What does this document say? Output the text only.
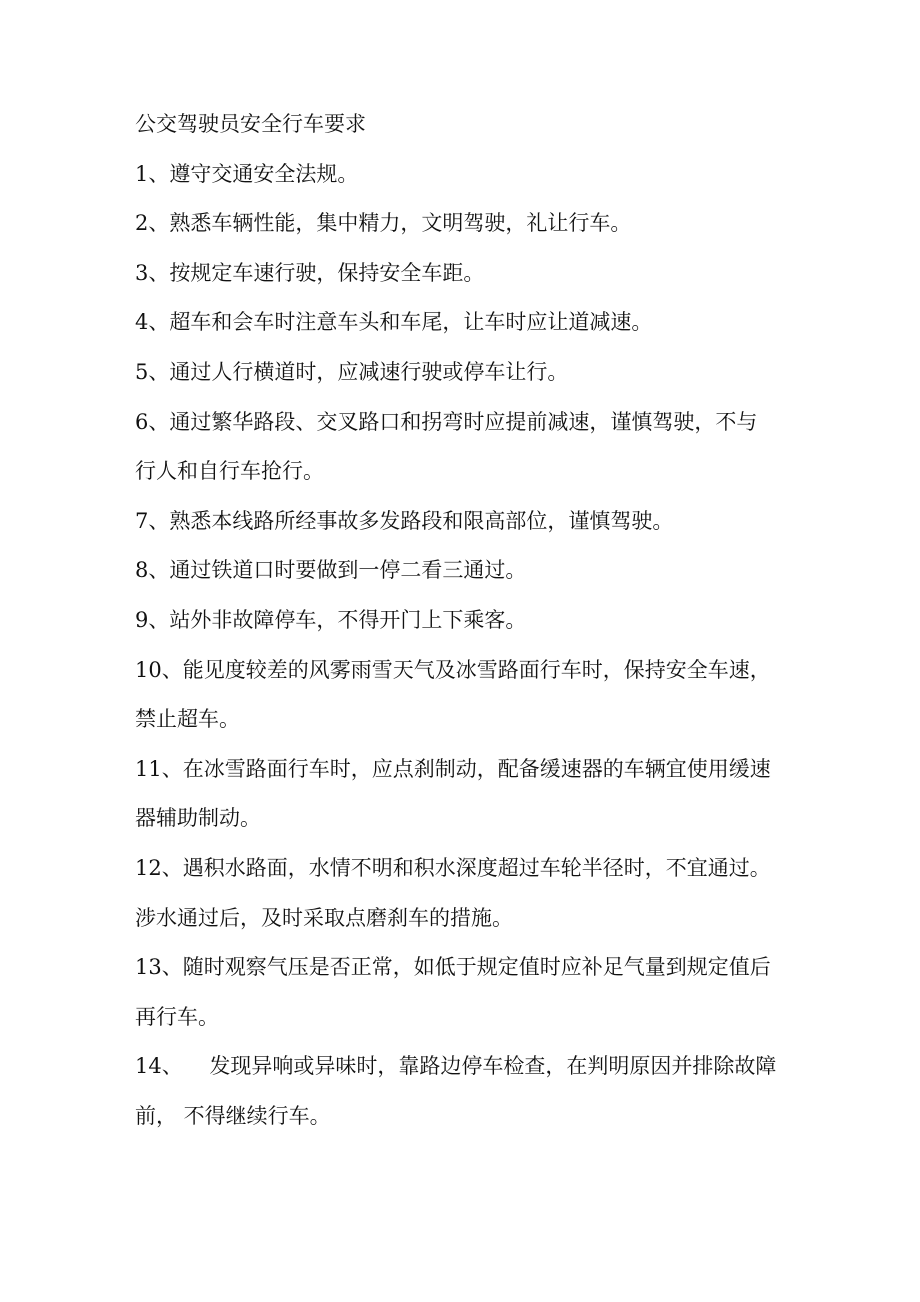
公交驾驶员安全行车要求
1、遵守交通安全法规。
2、熟悉车辆性能，集中精力，文明驾驶，礼让行车。
3、按规定车速行驶，保持安全车距。
4、超车和会车时注意车头和车尾，让车时应让道减速。
5、通过人行横道时，应减速行驶或停车让行。
6、通过繁华路段、交叉路口和拐弯时应提前减速，谨慎驾驶，不与
行人和自行车抢行。
7、熟悉本线路所经事故多发路段和限高部位，谨慎驾驶。
8、通过铁道口时要做到一停二看三通过。
9、站外非故障停车，不得开门上下乘客。
10、能见度较差的风雾雨雪天气及冰雪路面行车时，保持安全车速，
禁止超车。
11、在冰雪路面行车时，应点刹制动，配备缓速器的车辆宜使用缓速
器辅助制动。
12、遇积水路面，水情不明和积水深度超过车轮半径时，不宜通过。
涉水通过后，及时采取点磨刹车的措施。
13、随时观察气压是否正常，如低于规定值时应补足气量到规定值后
再行车。
14、    发现异响或异味时，靠路边停车检查，在判明原因并排除故障
前， 不得继续行车。
